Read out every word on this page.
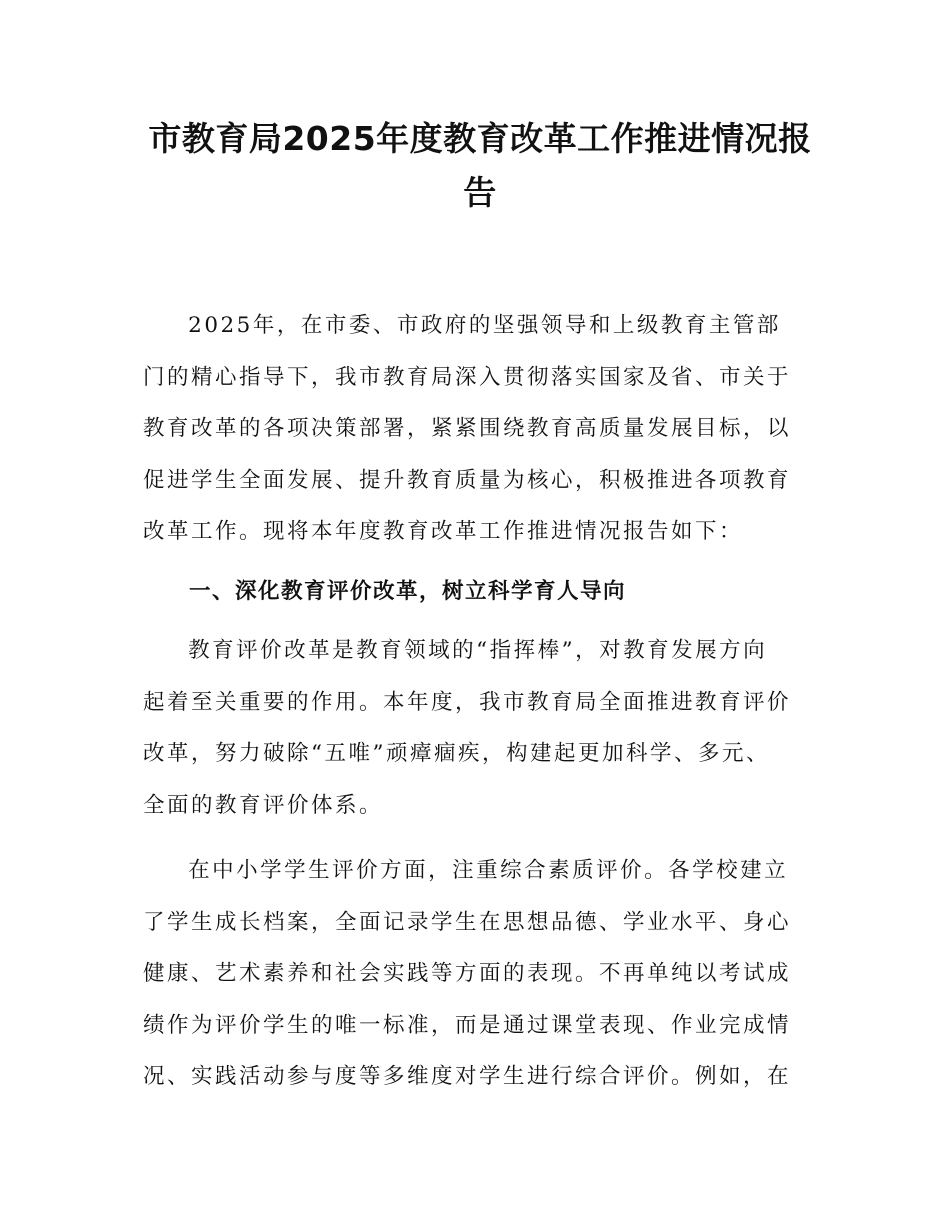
市教育局2025年度教育改革工作推进情况报
告

2025年，在市委、市政府的坚强领导和上级教育主管部
门的精心指导下，我市教育局深入贯彻落实国家及省、市关于
教育改革的各项决策部署，紧紧围绕教育高质量发展目标，以
促进学生全面发展、提升教育质量为核心，积极推进各项教育
改革工作。现将本年度教育改革工作推进情况报告如下：

一、深化教育评价改革，树立科学育人导向

教育评价改革是教育领域的“指挥棒”，对教育发展方向
起着至关重要的作用。本年度，我市教育局全面推进教育评价
改革，努力破除“五唯”顽瘴痼疾，构建起更加科学、多元、
全面的教育评价体系。

在中小学学生评价方面，注重综合素质评价。各学校建立
了学生成长档案，全面记录学生在思想品德、学业水平、身心
健康、艺术素养和社会实践等方面的表现。不再单纯以考试成
绩作为评价学生的唯一标准，而是通过课堂表现、作业完成情
况、实践活动参与度等多维度对学生进行综合评价。例如，在
